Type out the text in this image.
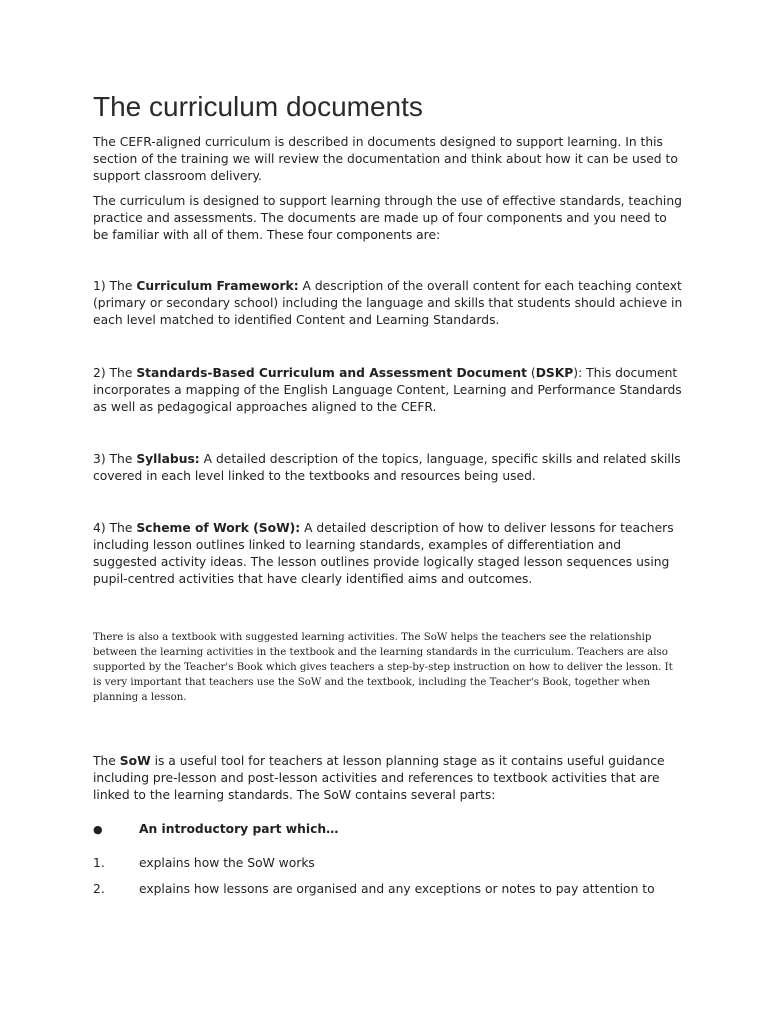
The curriculum documents

The CEFR-aligned curriculum is described in documents designed to support learning. In this section of the training we will review the documentation and think about how it can be used to support classroom delivery.

The curriculum is designed to support learning through the use of effective standards, teaching practice and assessments. The documents are made up of four components and you need to be familiar with all of them. These four components are:

1) The Curriculum Framework: A description of the overall content for each teaching context (primary or secondary school) including the language and skills that students should achieve in each level matched to identified Content and Learning Standards.

2) The Standards-Based Curriculum and Assessment Document (DSKP): This document incorporates a mapping of the English Language Content, Learning and Performance Standards as well as pedagogical approaches aligned to the CEFR.

3) The Syllabus: A detailed description of the topics, language, specific skills and related skills covered in each level linked to the textbooks and resources being used.

4) The Scheme of Work (SoW): A detailed description of how to deliver lessons for teachers including lesson outlines linked to learning standards, examples of differentiation and suggested activity ideas. The lesson outlines provide logically staged lesson sequences using pupil-centred activities that have clearly identified aims and outcomes.

There is also a textbook with suggested learning activities. The SoW helps the teachers see the relationship between the learning activities in the textbook and the learning standards in the curriculum. Teachers are also supported by the Teacher's Book which gives teachers a step-by-step instruction on how to deliver the lesson. It is very important that teachers use the SoW and the textbook, including the Teacher's Book, together when planning a lesson.

The SoW is a useful tool for teachers at lesson planning stage as it contains useful guidance including pre-lesson and post-lesson activities and references to textbook activities that are linked to the learning standards. The SoW contains several parts:

●	An introductory part which…
1.	explains how the SoW works
2.	explains how lessons are organised and any exceptions or notes to pay attention to
